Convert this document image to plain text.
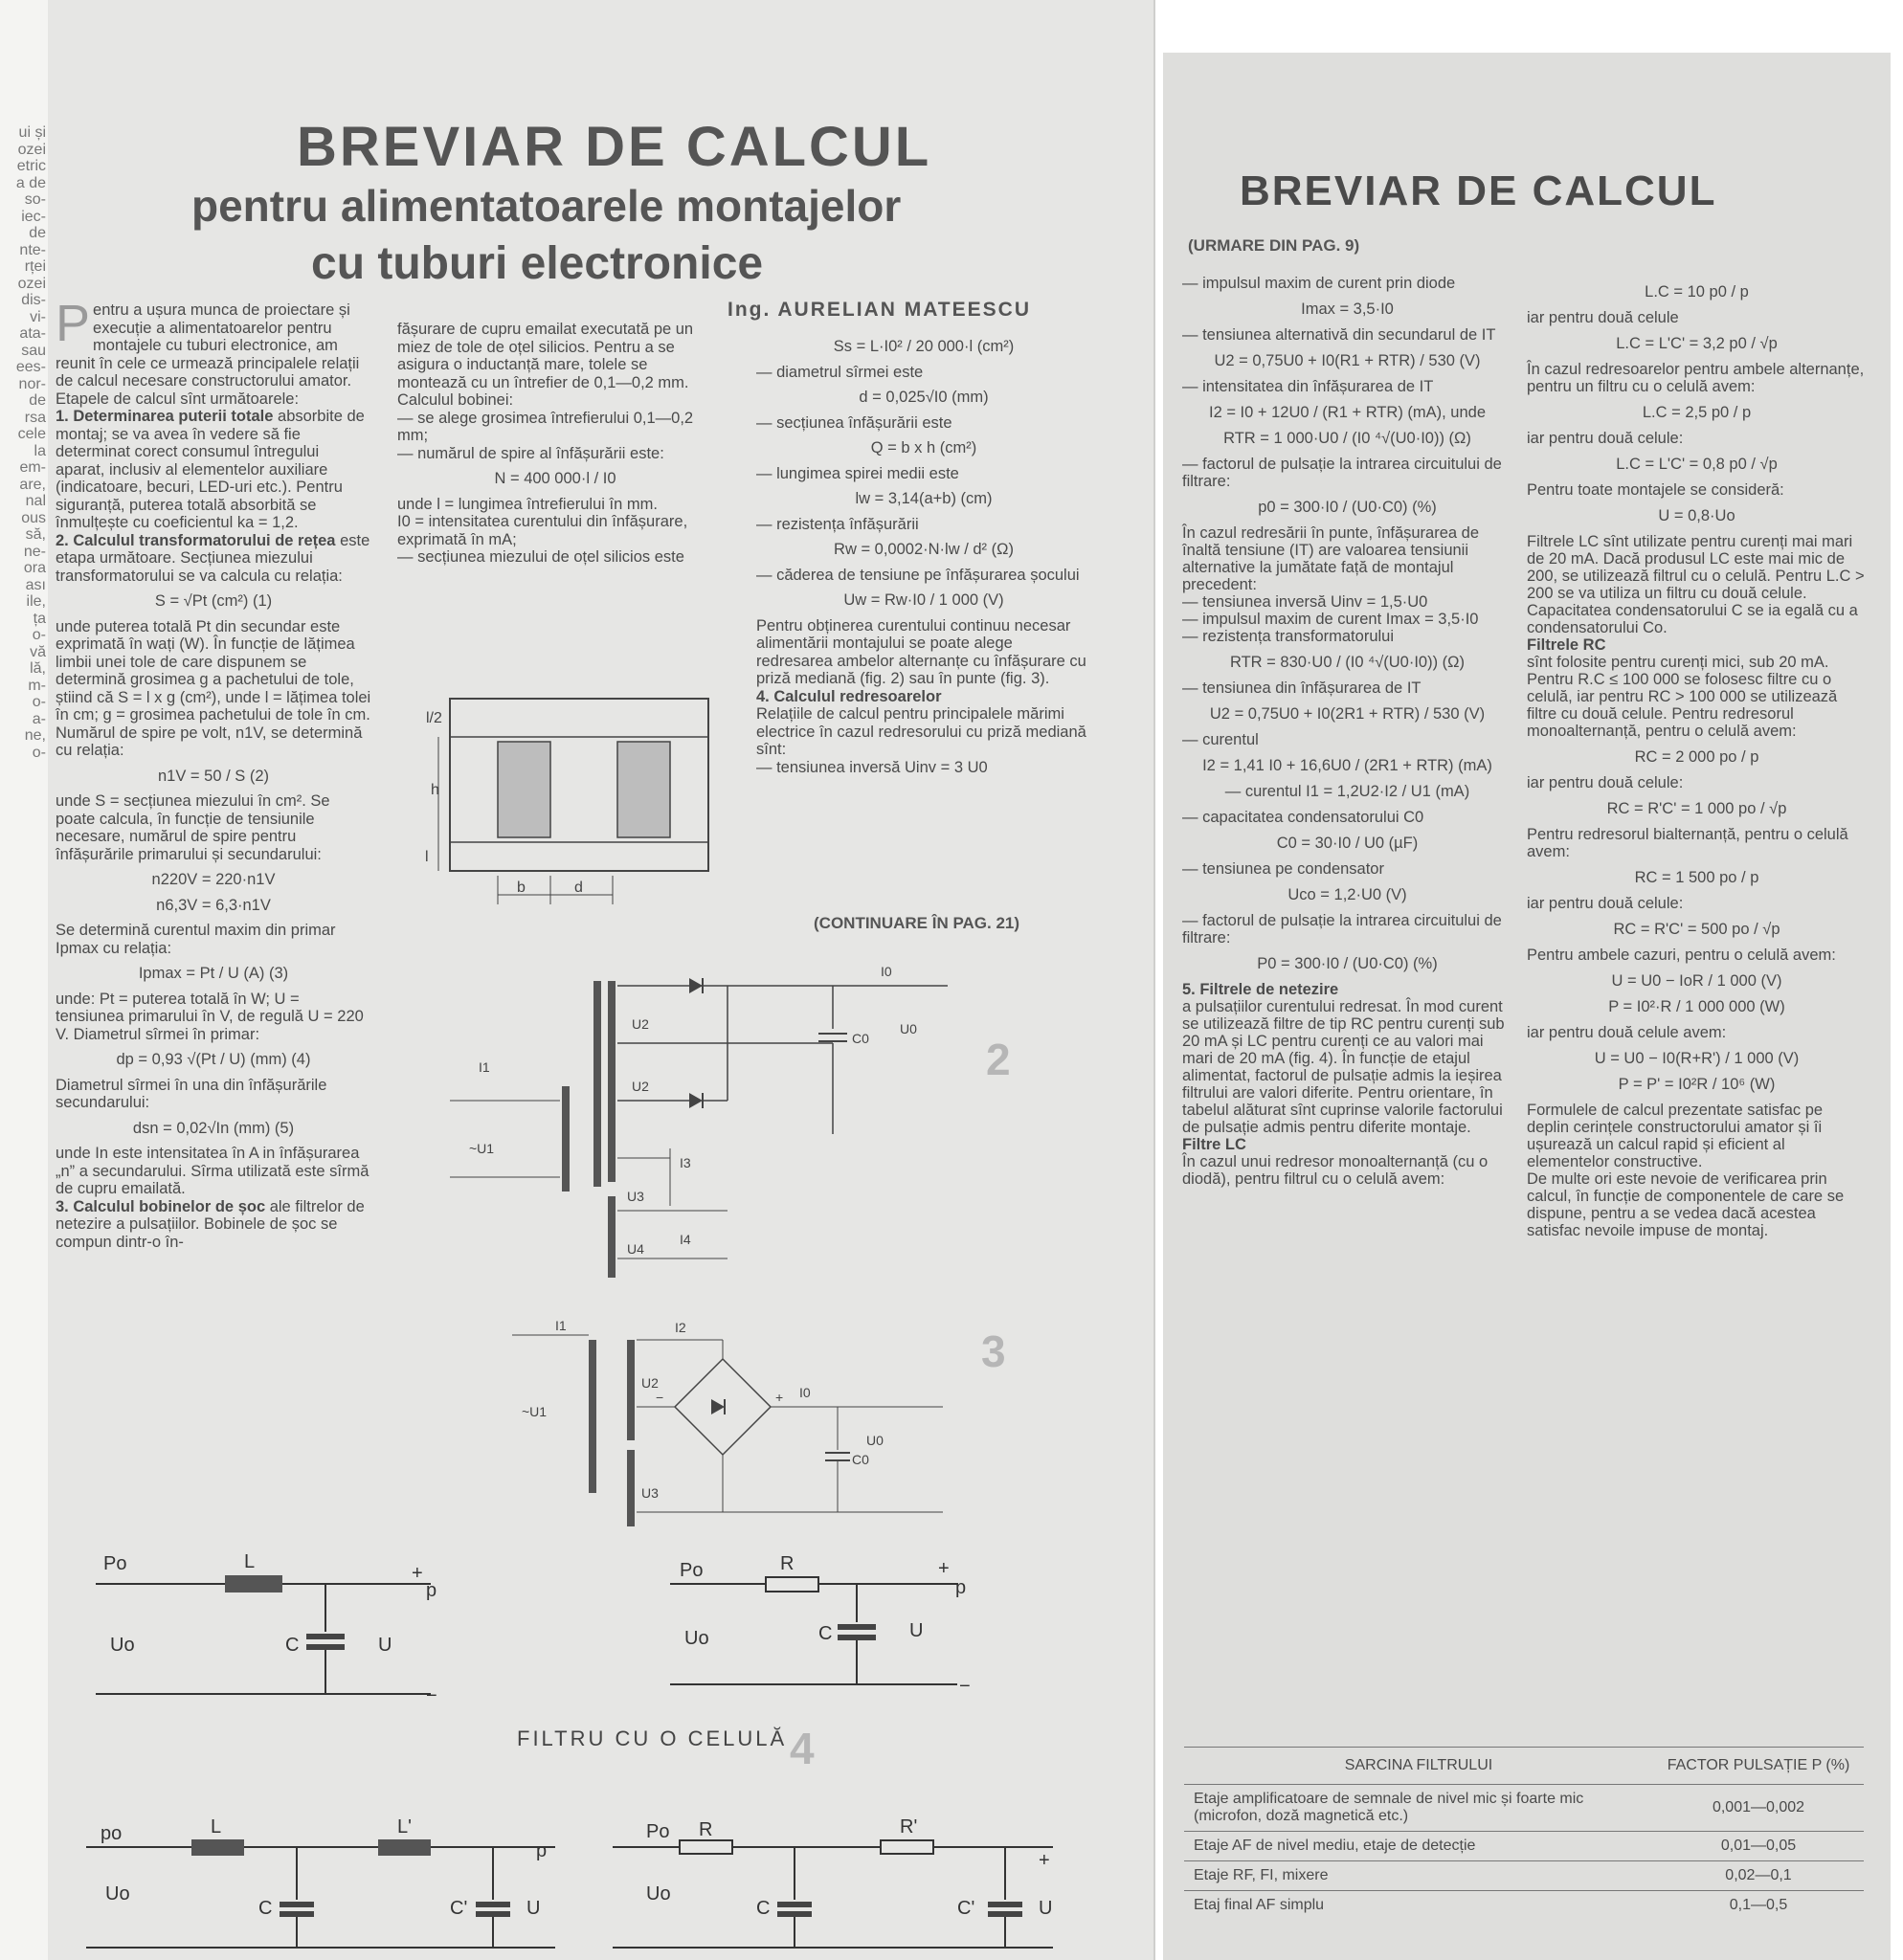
ui și
ozei
etric
a de
so-
iec-
de
nte-
rței
ozei
dis-
vi-
ata-
sau
ees-
nor-
de
rsa
cele
la
em-
are,
nal
ous
să,
ne-
ora
ası
ile,
ța
o-
vă
lă,
m-
o-
a-
ne,
o-
BREVIAR DE CALCUL
pentru alimentatoarele montajelor
cu tuburi electronice
Ing. AURELIAN MATEESCU

Pentru a ușura munca de proiectare și execuție a alimentatoarelor pentru montajele cu tuburi electronice, am reunit în cele ce urmează principalele relații de calcul necesare constructorului amator. Etapele de calcul sînt următoarele:

1. Determinarea puterii totale absorbite de montaj; se va avea în vedere să fie determinat corect consumul întregului aparat, inclusiv al elementelor auxiliare (indicatoare, becuri, LED-uri etc.). Pentru siguranță, puterea totală absorbită se înmulțește cu coeficientul ka = 1,2.

2. Calculul transformatorului de rețea este etapa următoare. Secțiunea miezului transformatorului se va calcula cu relația:

S = √Pt (cm²) (1)

unde puterea totală Pt din secundar este exprimată în wați (W). În funcție de lățimea limbii unei tole de care dispunem se determină grosimea g a pachetului de tole, știind că S = l x g (cm²), unde l = lățimea tolei în cm; g = grosimea pachetului de tole în cm. Numărul de spire pe volt, n1V, se determină cu relația:

n1V = 50 / S (2)

unde S = secțiunea miezului în cm². Se poate calcula, în funcție de tensiunile necesare, numărul de spire pentru înfășurările primarului și secundarului:

n220V = 220·n1V

n6,3V = 6,3·n1V

Se determină curentul maxim din primar Ipmax cu relația:

Ipmax = Pt / U (A) (3)

unde: Pt = puterea totală în W; U = tensiunea primarului în V, de regulă U = 220 V. Diametrul sîrmei în primar:

dp = 0,93 √(Pt / U) (mm) (4)

Diametrul sîrmei în una din înfășurările secundarului:

dsn = 0,02√In (mm) (5)

unde In este intensitatea în A in înfășurarea „n” a secundarului. Sîrma utilizată este sîrmă de cupru emailată.

3. Calculul bobinelor de șoc ale filtrelor de netezire a pulsațiilor. Bobinele de șoc se compun dintr-o în-

fășurare de cupru emailat executată pe un miez de tole de oțel silicios. Pentru a se asigura o inductanță mare, tolele se montează cu un întrefier de 0,1—0,2 mm. Calculul bobinei:

— se alege grosimea întrefierului 0,1—0,2 mm;

— numărul de spire al înfășurării este:

N = 400 000·l / I0

unde l = lungimea întrefierului în mm.

I0 = intensitatea curentului din înfășurare, exprimată în mA;

— secțiunea miezului de oțel silicios este

Ss = L·I0² / 20 000·l (cm²)

— diametrul sîrmei este

d = 0,025√I0 (mm)

— secțiunea înfășurării este

Q = b x h (cm²)

— lungimea spirei medii este

lw = 3,14(a+b) (cm)

— rezistența înfășurării

Rw = 0,0002·N·lw / d² (Ω)

— căderea de tensiune pe înfășurarea șocului

Uw = Rw·I0 / 1 000 (V)

Pentru obținerea curentului continuu necesar alimentării montajului se poate alege redresarea ambelor alternanțe cu înfășurare cu priză mediană (fig. 2) sau în punte (fig. 3).

4. Calculul redresoarelor

Relațiile de calcul pentru principalele mărimi electrice în cazul redresorului cu priză mediană sînt:

— tensiunea inversă Uinv = 3 U0

(CONTINUARE ÎN PAG. 21)
l/2
h
l
b	d
I0
U2
U2
I1
~U1
I3
U3
I4
U4
C0
U0
2
I1	I2
I0
~U1
U2
U3
+
−
C0
U0
3
Po	L
+
p
C	U
Uo
−
Po	R	+
p
C	U
Uo
−
FILTRU CU O CELULĂ 4
po	L	L'
p
C	C'	U
Uo
Po R	R'
+
C	C'	U
Uo
BREVIAR DE CALCUL
(URMARE DIN PAG. 9)

— impulsul maxim de curent prin diode

Imax = 3,5·I0

— tensiunea alternativă din secundarul de IT

U2 = 0,75U0 + I0(R1 + RTR) / 530 (V)

— intensitatea din înfășurarea de IT

I2 = I0 + 12U0 / (R1 + RTR) (mA), unde

RTR = 1 000·U0 / (I0 ⁴√(U0·I0)) (Ω)

— factorul de pulsație la intrarea circuitului de filtrare:

p0 = 300·I0 / (U0·C0) (%)

În cazul redresării în punte, înfășurarea de înaltă tensiune (IT) are valoarea tensiunii alternative la jumătate față de montajul precedent:

— tensiunea inversă Uinv = 1,5·U0

— impulsul maxim de curent Imax = 3,5·I0

— rezistența transformatorului

RTR = 830·U0 / (I0 ⁴√(U0·I0)) (Ω)

— tensiunea din înfășurarea de IT

U2 = 0,75U0 + I0(2R1 + RTR) / 530 (V)

— curentul

I2 = 1,41 I0 + 16,6U0 / (2R1 + RTR) (mA)

— curentul I1 = 1,2U2·I2 / U1 (mA)

— capacitatea condensatorului C0

C0 = 30·I0 / U0 (µF)

— tensiunea pe condensator

Uco = 1,2·U0 (V)

— factorul de pulsație la intrarea circuitului de filtrare:

P0 = 300·I0 / (U0·C0) (%)

5. Filtrele de netezire

a pulsațiilor curentului redresat. În mod curent se utilizează filtre de tip RC pentru curenți sub 20 mA și LC pentru curenți ce au valori mai mari de 20 mA (fig. 4). În funcție de etajul alimentat, factorul de pulsație admis la ieșirea filtrului are valori diferite. Pentru orientare, în tabelul alăturat sînt cuprinse valorile factorului de pulsație admis pentru diferite montaje.

Filtre LC

În cazul unui redresor monoalternanță (cu o diodă), pentru filtrul cu o celulă avem:

L.C = 10 p0 / p

iar pentru două celule

L.C = L'C' = 3,2 p0 / √p

În cazul redresoarelor pentru ambele alternanțe, pentru un filtru cu o celulă avem:

L.C = 2,5 p0 / p

iar pentru două celule:

L.C = L'C' = 0,8 p0 / √p

Pentru toate montajele se consideră:

U = 0,8·Uo

Filtrele LC sînt utilizate pentru curenți mai mari de 20 mA. Dacă produsul LC este mai mic de 200, se utilizează filtrul cu o celulă. Pentru L.C > 200 se va utiliza un filtru cu două celule. Capacitatea condensatorului C se ia egală cu a condensatorului Co.

Filtrele RC

sînt folosite pentru curenți mici, sub 20 mA. Pentru R.C ≤ 100 000 se folosesc filtre cu o celulă, iar pentru RC > 100 000 se utilizează filtre cu două celule. Pentru redresorul monoalternanță, pentru o celulă avem:

RC = 2 000 po / p

iar pentru două celule:

RC = R'C' = 1 000 po / √p

Pentru redresorul bialternanță, pentru o celulă avem:

RC = 1 500 po / p

iar pentru două celule:

RC = R'C' = 500 po / √p

Pentru ambele cazuri, pentru o celulă avem:

U = U0 − IoR / 1 000 (V)

P = I0²·R / 1 000 000 (W)

iar pentru două celule avem:

U = U0 − I0(R+R') / 1 000 (V)

P = P' = I0²R / 10⁶ (W)

Formulele de calcul prezentate satisfac pe deplin cerințele constructorului amator și îi ușurează un calcul rapid și eficient al elementelor constructive.

De multe ori este nevoie de verificarea prin calcul, în funcție de componentele de care se dispune, pentru a se vedea dacă acestea satisfac nevoile impuse de montaj.

SARCINA FILTRULUI	FACTOR PULSAȚIE P (%)
Etaje amplificatoare de semnale de nivel mic și foarte mic (microfon, doză magnetică etc.)	0,001—0,002
Etaje AF de nivel mediu, etaje de detecție	0,01—0,05
Etaje RF, FI, mixere	0,02—0,1
Etaj final AF simplu	0,1—0,5
